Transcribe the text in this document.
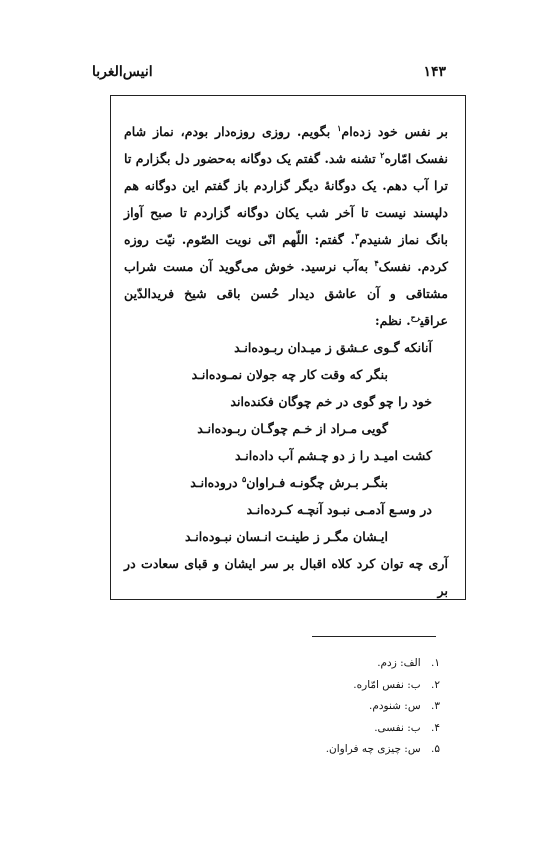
انیس‌الغربا	۱۴۳

بر نفس خود زده‌ام$^۱$ بگویم. روزی روزه‌دار بودم، نماز شام نفسک امّاره$^۲$ تشنه شد. گفتم یک دوگانه به‌حضور دل بگزارم تا ترا آب دهم. یک دوگانهٔ دیگر گزاردم باز گفتم این دوگانه هم دلپسند نیست تا آخر شب یکان دوگانه گزاردم تا صبح آواز بانگ نماز شنیدم$^۳$. گفتم: اللّهم انّی نویت الصّوم. نیّت روزه کردم. نفسک$^۴$ به‌آب نرسید. خوش می‌گوید آن مست شراب مشتاقی و آن عاشق دیدار حُسن باقی شیخ فریدالدّین عراقی$^{رح}$. نظم:

آنانکه گـوی عـشق ز میـدان ربـوده‌انـد

بنگر که وقت کار چه جولان نمـوده‌انـد

خود را چو گوی در خم چوگان فکنده‌اند

گویی مـراد از خـم چوگـان ربـوده‌انـد

کشت امیـد را ز دو چـشم آب داده‌انـد

بنگـر بـرش چگونـه فـراوان$^۵$ دروده‌انـد

در وسـع آدمـی نبـود آنچـه کـرده‌انـد

ایـشان مگـر ز طینـت انـسان نبـوده‌انـد

آری چه توان کرد کلاه اقبال بر سر ایشان و قبای سعادت در بر

۱. الف: زدم.
۲. ب: نفس امّاره.
۳. س: شنودم.
۴. ب: نفسی.
۵. س: چیزی چه فراوان.
